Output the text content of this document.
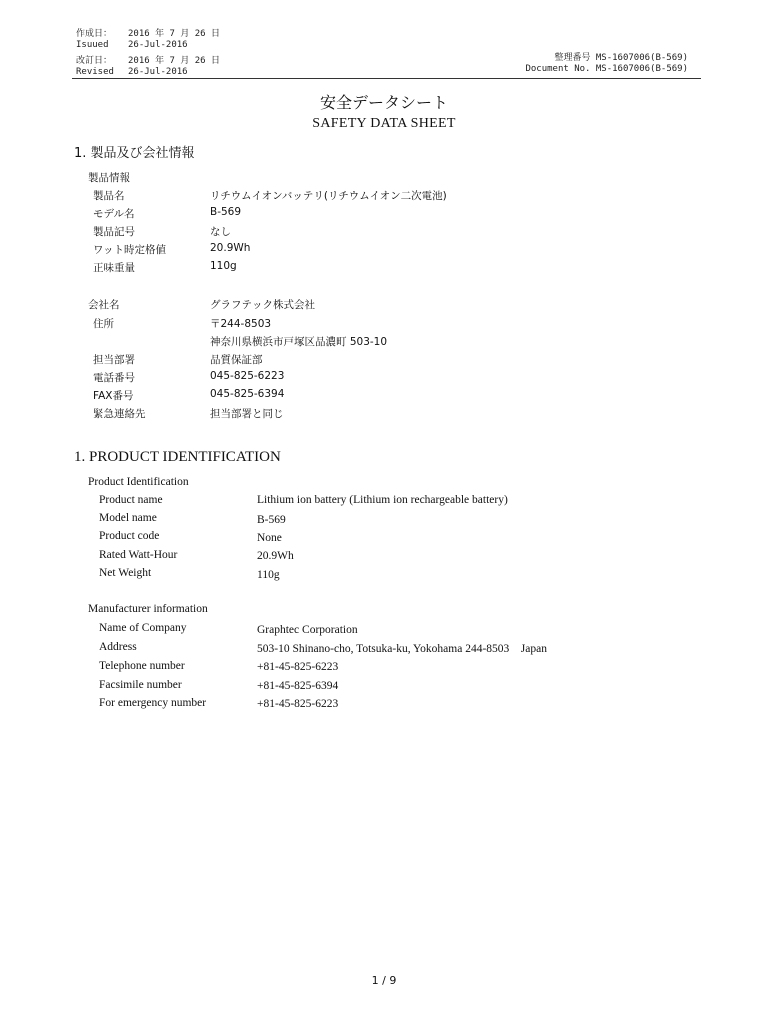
作成日： 2016 年 7 月 26 日
Isuued 26-Jul-2016
改訂日： 2016 年 7 月 26 日
Revised 26-Jul-2016
整理番号 MS-1607006(B-569)
Document No. MS-1607006(B-569)
安全データシート
SAFETY DATA SHEET
1. 製品及び会社情報
製品情報
製品名	リチウムイオンバッテリ(リチウムイオン二次電池)
モデル名	B-569
製品記号	なし
ワット時定格値	20.9Wh
正味重量	110g
会社名	グラフテック株式会社
住所	〒244-8503
神奈川県横浜市戸塚区品濃町 503-10
担当部署	品質保証部
電話番号	045-825-6223
FAX番号	045-825-6394
緊急連絡先	担当部署と同じ
1. PRODUCT IDENTIFICATION
Product Identification
Product name	Lithium ion battery (Lithium ion rechargeable battery)
Model name	B-569
Product code	None
Rated Watt-Hour	20.9Wh
Net Weight	110g
Manufacturer information
Name of Company	Graphtec Corporation
Address	503-10 Shinano-cho, Totsuka-ku, Yokohama 244-8503    Japan
Telephone number	+81-45-825-6223
Facsimile number	+81-45-825-6394
For emergency number	+81-45-825-6223
1 / 9
